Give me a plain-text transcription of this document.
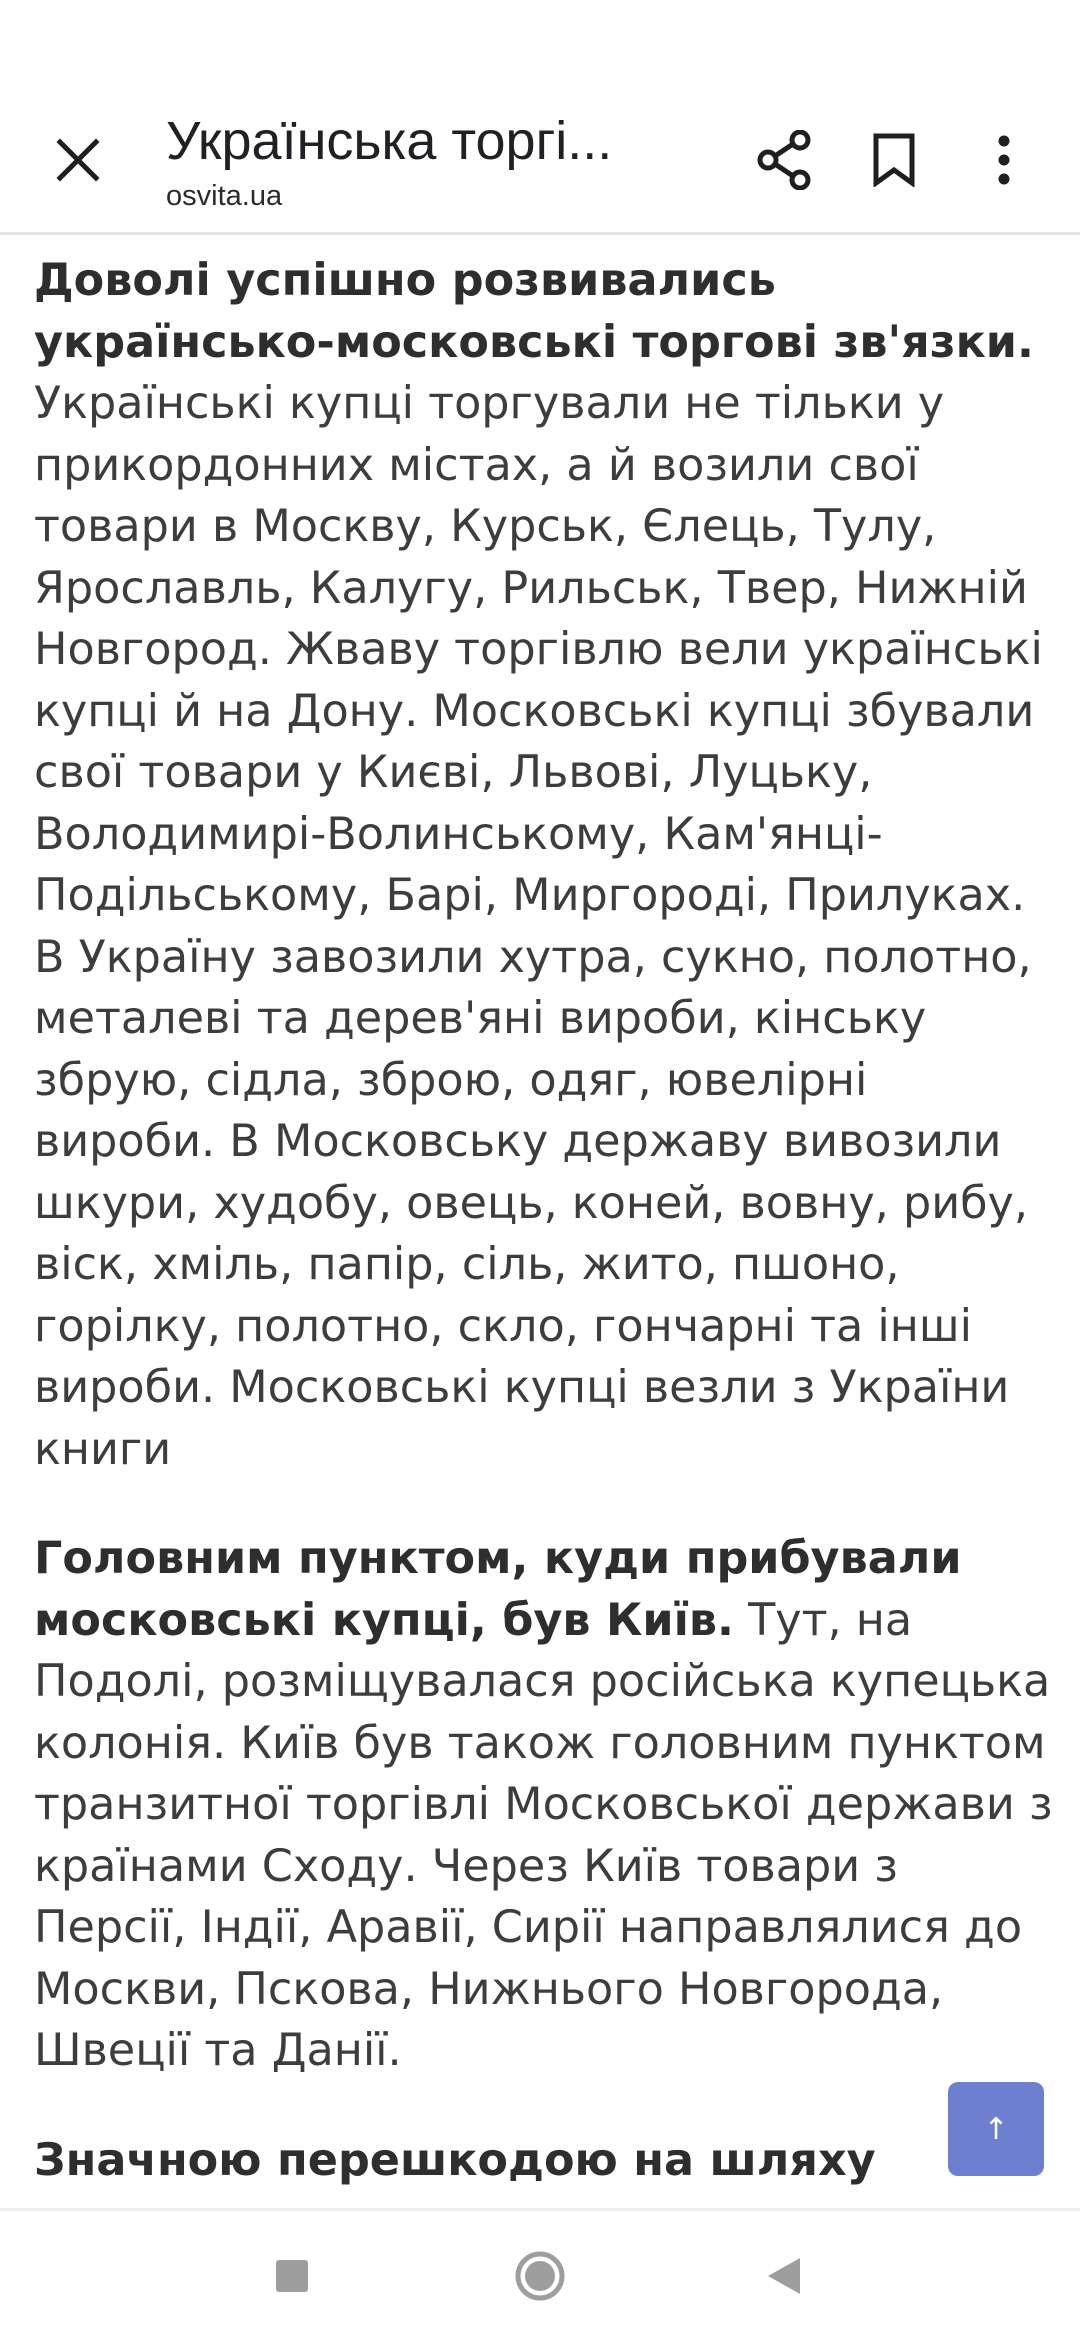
Українська торгі...
osvita.ua

Доволі успішно розвивались українсько-московські торгові зв'язки. Українські купці торгували не тільки у прикордонних містах, а й возили свої товари в Москву, Курськ, Єлець, Тулу, Ярославль, Калугу, Рильськ, Твер, Нижній Новгород. Жваву торгівлю вели українські купці й на Дону. Московські купці збували свої товари у Києві, Львові, Луцьку, Володимирі-Волинському, Кам'янці-Подільському, Барі, Миргороді, Прилуках. В Україну завозили хутра, сукно, полотно, металеві та дерев'яні вироби, кінську збрую, сідла, зброю, одяг, ювелірні вироби. В Московську державу вивозили шкури, худобу, овець, коней, вовну, рибу, віск, хміль, папір, сіль, жито, пшоно, горілку, полотно, скло, гончарні та інші вироби. Московські купці везли з України книги

Головним пунктом, куди прибували московські купці, був Київ. Тут, на Подолі, розміщувалася російська купецька колонія. Київ був також головним пунктом транзитної торгівлі Московської держави з країнами Сходу. Через Київ товари з Персії, Індії, Аравії, Сирії направлялися до Москви, Пскова, Нижнього Новгорода, Швеції та Данії.

Значною перешкодою на шляху

↑
